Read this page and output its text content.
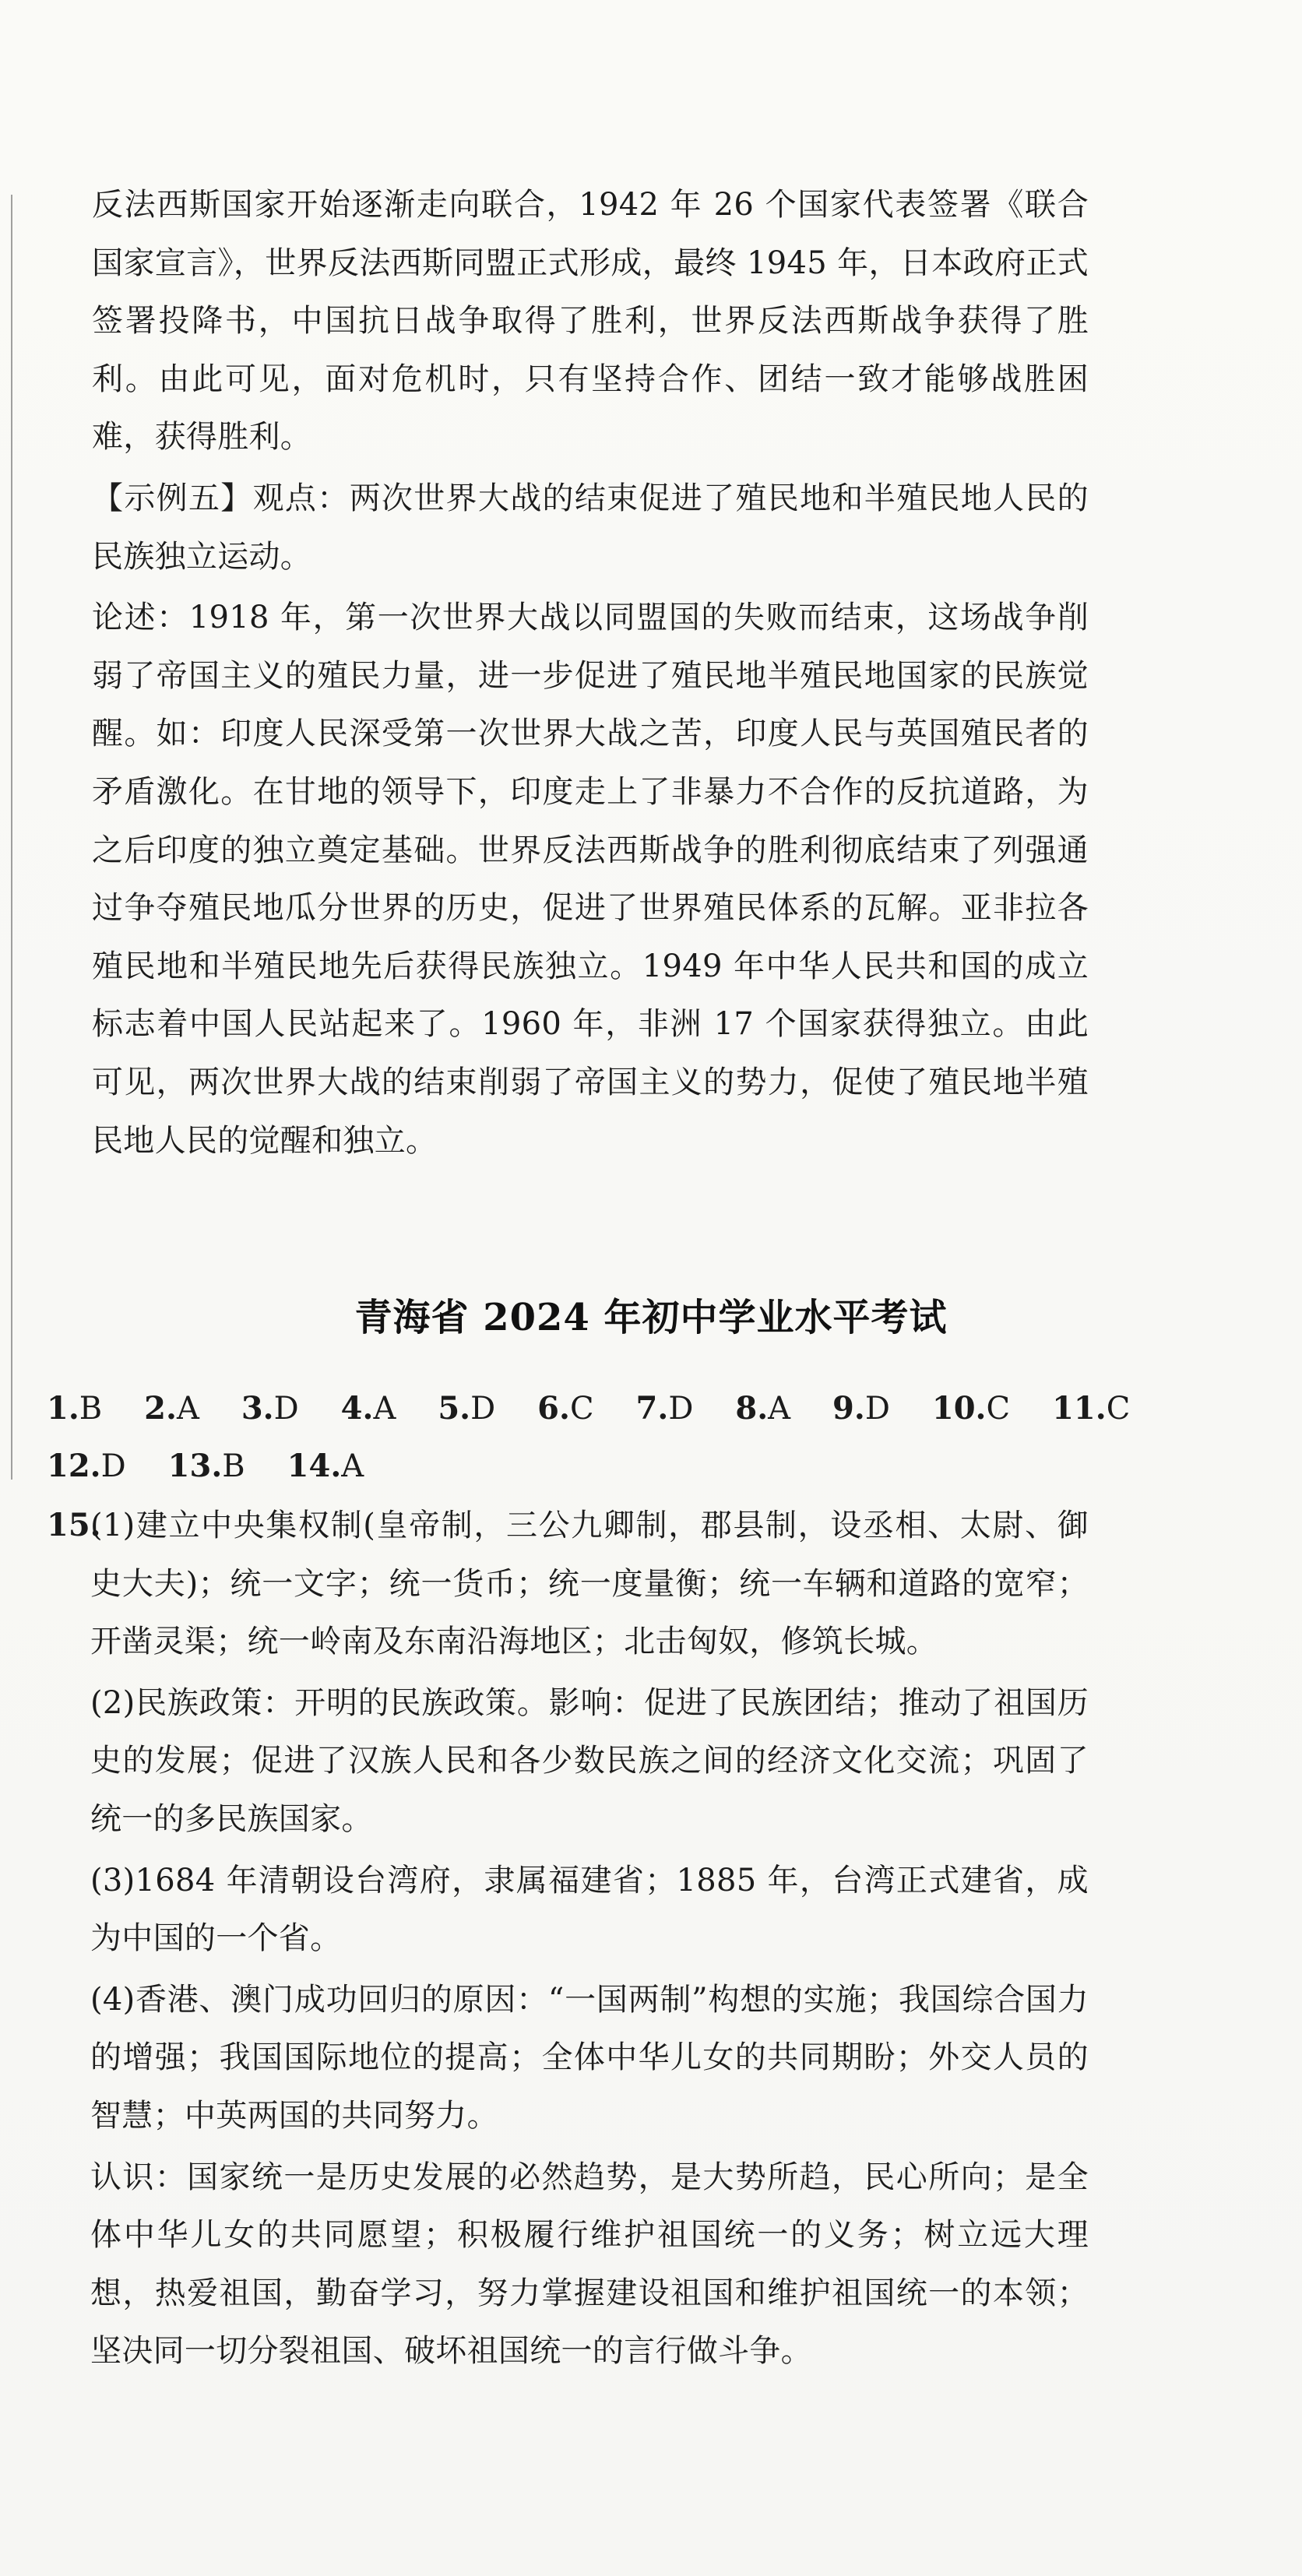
反法西斯国家开始逐渐走向联合，1942 年 26 个国家代表签署《联合国家宣言》，世界反法西斯同盟正式形成，最终 1945 年，日本政府正式签署投降书，中国抗日战争取得了胜利，世界反法西斯战争获得了胜利。由此可见，面对危机时，只有坚持合作、团结一致才能够战胜困难，获得胜利。

【示例五】观点：两次世界大战的结束促进了殖民地和半殖民地人民的民族独立运动。

论述：1918 年，第一次世界大战以同盟国的失败而结束，这场战争削弱了帝国主义的殖民力量，进一步促进了殖民地半殖民地国家的民族觉醒。如：印度人民深受第一次世界大战之苦，印度人民与英国殖民者的矛盾激化。在甘地的领导下，印度走上了非暴力不合作的反抗道路，为之后印度的独立奠定基础。世界反法西斯战争的胜利彻底结束了列强通过争夺殖民地瓜分世界的历史，促进了世界殖民体系的瓦解。亚非拉各殖民地和半殖民地先后获得民族独立。1949 年中华人民共和国的成立标志着中国人民站起来了。1960 年，非洲 17 个国家获得独立。由此可见，两次世界大战的结束削弱了帝国主义的势力，促使了殖民地半殖民地人民的觉醒和独立。

青海省 2024 年初中学业水平考试
1.B 2.A 3.D 4.A 5.D 6.C 7.D 8.A 9.D 10.C 11.C
12.D 13.B 14.A
15.

(1)建立中央集权制(皇帝制，三公九卿制，郡县制，设丞相、太尉、御史大夫)；统一文字；统一货币；统一度量衡；统一车辆和道路的宽窄；开凿灵渠；统一岭南及东南沿海地区；北击匈奴，修筑长城。

(2)民族政策：开明的民族政策。影响：促进了民族团结；推动了祖国历史的发展；促进了汉族人民和各少数民族之间的经济文化交流；巩固了统一的多民族国家。

(3)1684 年清朝设台湾府，隶属福建省；1885 年，台湾正式建省，成为中国的一个省。

(4)香港、澳门成功回归的原因：“一国两制”构想的实施；我国综合国力的增强；我国国际地位的提高；全体中华儿女的共同期盼；外交人员的智慧；中英两国的共同努力。

认识：国家统一是历史发展的必然趋势，是大势所趋，民心所向；是全体中华儿女的共同愿望；积极履行维护祖国统一的义务；树立远大理想，热爱祖国，勤奋学习，努力掌握建设祖国和维护祖国统一的本领；坚决同一切分裂祖国、破坏祖国统一的言行做斗争。
